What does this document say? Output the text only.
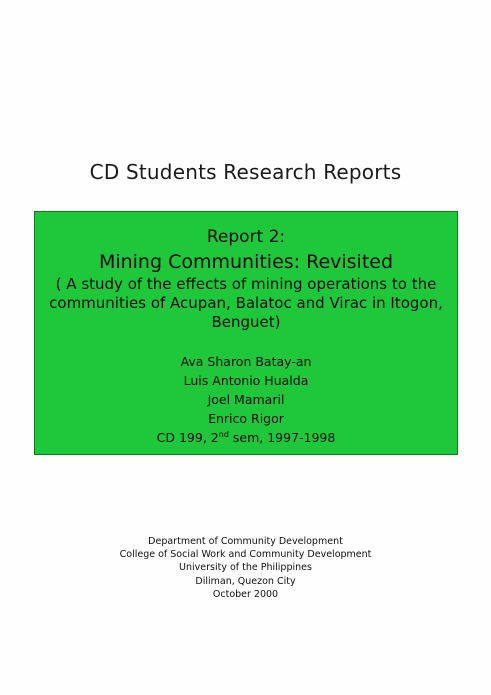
CD Students Research Reports
Report 2:
Mining Communities: Revisited
( A study of the effects of mining operations to the communities of Acupan, Balatoc and Virac in Itogon, Benguet)
Ava Sharon Batay-an
Luis Antonio Hualda
Joel Mamaril
Enrico Rigor
CD 199, 2nd sem, 1997-1998
Department of Community Development
College of Social Work and Community Development
University of the Philippines
Diliman, Quezon City
October 2000
